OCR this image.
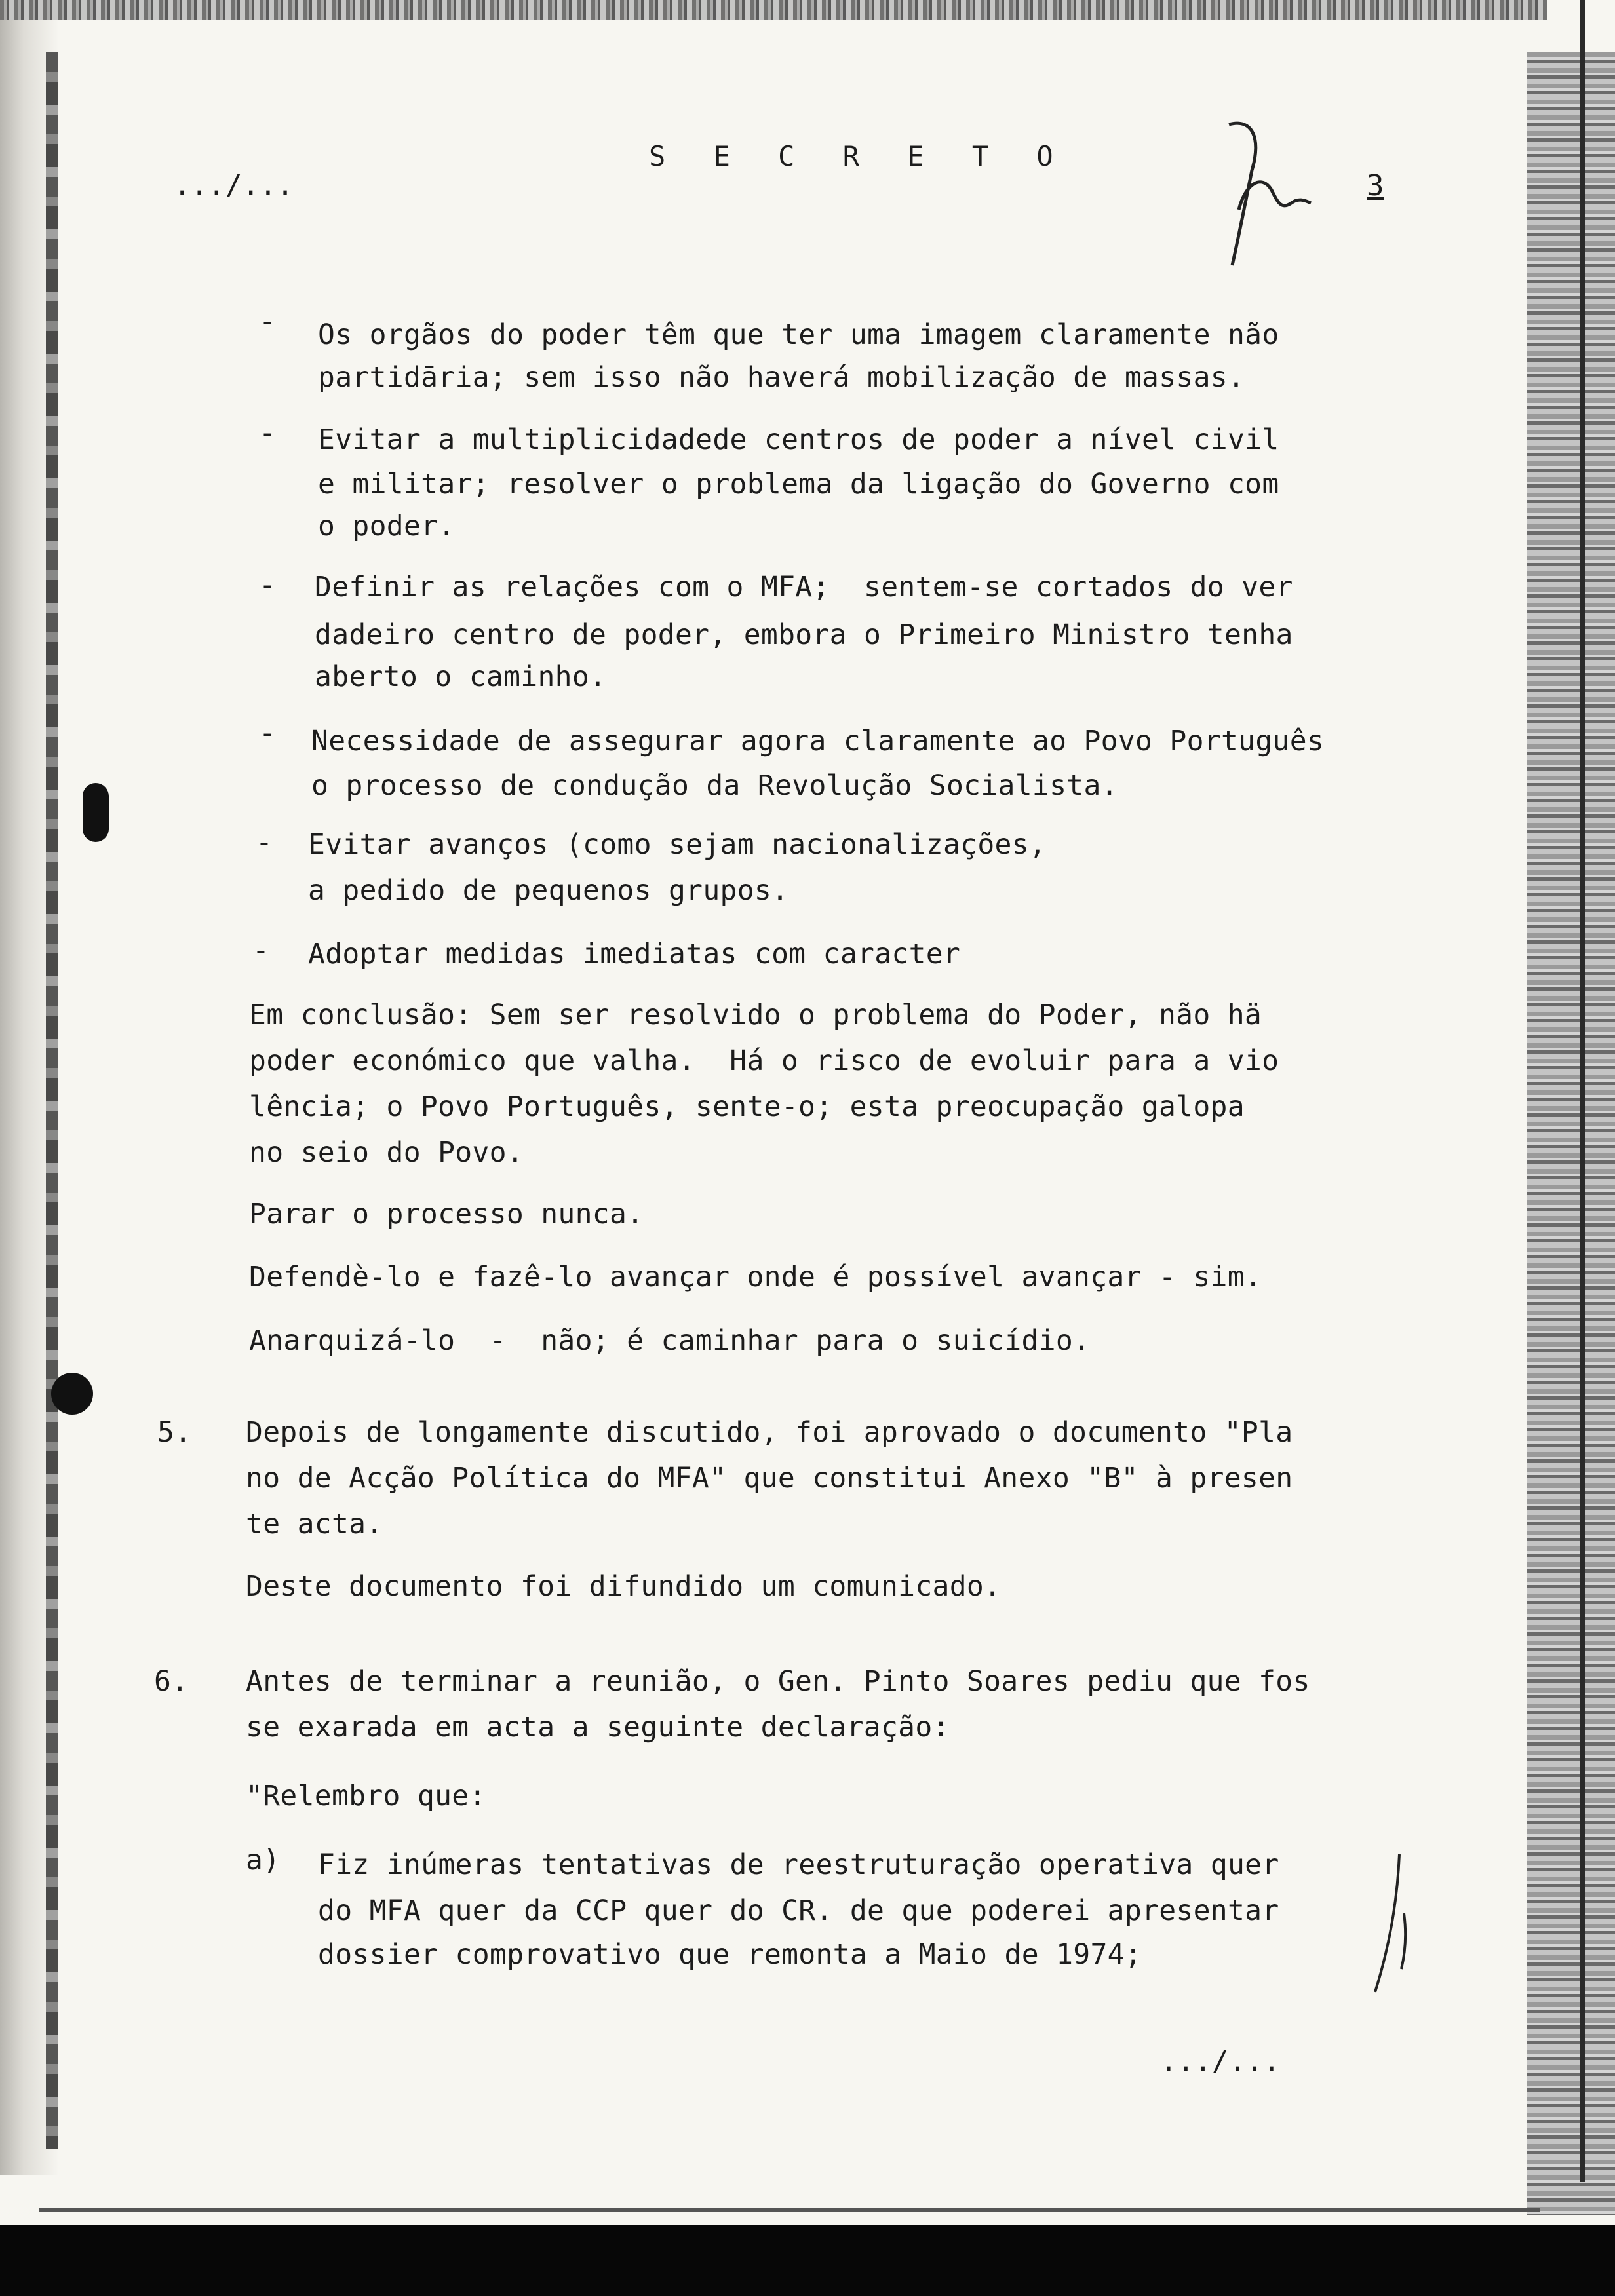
.../...
S E C R E T O
3
- Os orgãos do poder têm que ter uma imagem claramente não
partidāria; sem isso não haverá mobilização de massas.
- Evitar a multiplicidadede centros de poder a nível civil
e militar; resolver o problema da ligação do Governo com
o poder.
- Definir as relações com o MFA;  sentem-se cortados do ver
dadeiro centro de poder, embora o Primeiro Ministro tenha
aberto o caminho.
- Necessidade de assegurar agora claramente ao Povo Português
o processo de condução da Revolução Socialista.
- Evitar avanços (como sejam nacionalizações,
a pedido de pequenos grupos.
- Adoptar medidas imediatas com caracter
Em conclusão: Sem ser resolvido o problema do Poder, não hä
poder económico que valha.  Há o risco de evoluir para a vio
lência; o Povo Português, sente-o; esta preocupação galopa
no seio do Povo.
Parar o processo nunca.
Defendè-lo e fazê-lo avançar onde é possível avançar - sim.
Anarquizá-lo  -  não; é caminhar para o suicídio.
5. Depois de longamente discutido, foi aprovado o documento "Pla
no de Acção Política do MFA" que constitui Anexo "B" à presen
te acta.
Deste documento foi difundido um comunicado.
6. Antes de terminar a reunião, o Gen. Pinto Soares pediu que fos
se exarada em acta a seguinte declaração:
"Relembro que:
a) Fiz inúmeras tentativas de reestruturação operativa quer
do MFA quer da CCP quer do CR. de que poderei apresentar
dossier comprovativo que remonta a Maio de 1974;
.../...
